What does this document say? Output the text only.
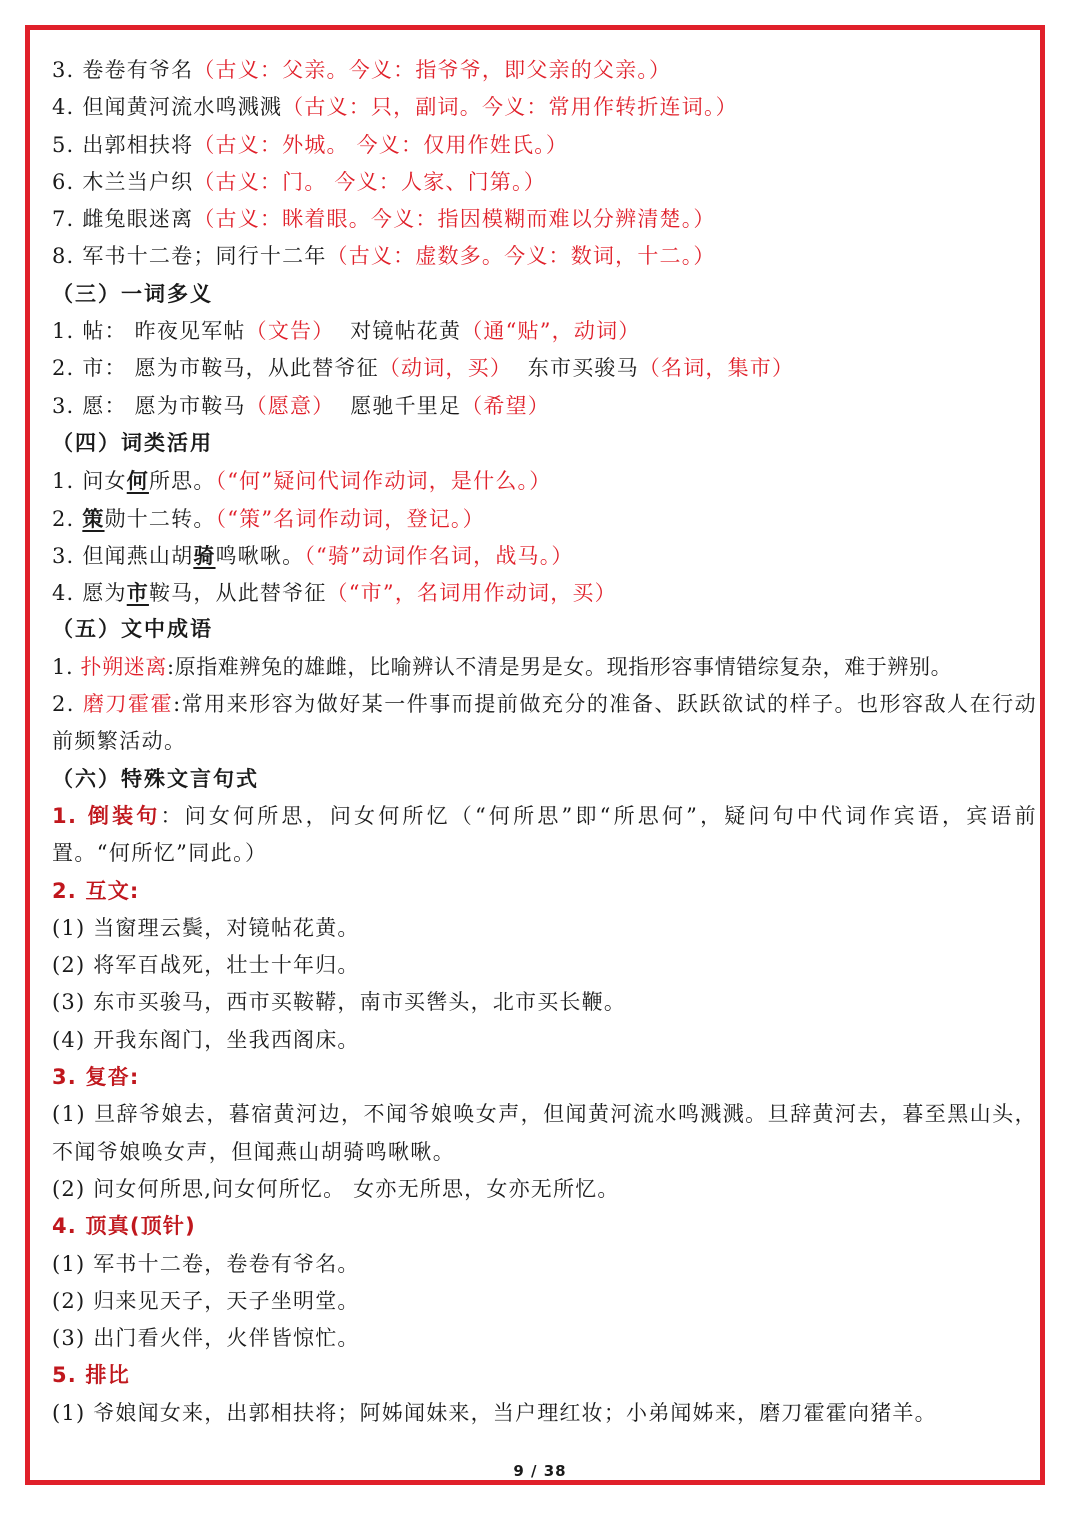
3. 卷卷有爷名（古义：父亲。今义：指爷爷，即父亲的父亲。）
4. 但闻黄河流水鸣溅溅（古义：只，副词。今义：常用作转折连词。）
5. 出郭相扶将（古义：外城。 今义：仅用作姓氏。）
6. 木兰当户织（古义：门。 今义：人家、门第。）
7. 雌兔眼迷离（古义：眯着眼。今义：指因模糊而难以分辨清楚。）
8. 军书十二卷；同行十二年（古义：虚数多。今义：数词，十二。）
（三）一词多义
1. 帖： 昨夜见军帖（文告） 对镜帖花黄（通“贴”，动词）
2. 市： 愿为市鞍马，从此替爷征（动词，买） 东市买骏马（名词，集市）
3. 愿： 愿为市鞍马（愿意） 愿驰千里足（希望）
（四）词类活用
1. 问女何所思。（“何”疑问代词作动词，是什么。）
2. 策勋十二转。（“策”名词作动词，登记。）
3. 但闻燕山胡骑鸣啾啾。（“骑”动词作名词，战马。）
4. 愿为市鞍马，从此替爷征（“市”，名词用作动词，买）
（五）文中成语
1. 扑朔迷离:原指难辨兔的雄雌，比喻辨认不清是男是女。现指形容事情错综复杂，难于辨别。
2. 磨刀霍霍:常用来形容为做好某一件事而提前做充分的准备、跃跃欲试的样子。也形容敌人在行动前频繁活动。
（六）特殊文言句式
1. 倒装句：问女何所思，问女何所忆（“何所思”即“所思何”，疑问句中代词作宾语，宾语前置。“何所忆”同此。）
2. 互文:
(1) 当窗理云鬓，对镜帖花黄。
(2) 将军百战死，壮士十年归。
(3) 东市买骏马，西市买鞍鞯，南市买辔头，北市买长鞭。
(4) 开我东阁门，坐我西阁床。
3. 复沓:
(1) 旦辞爷娘去，暮宿黄河边，不闻爷娘唤女声，但闻黄河流水鸣溅溅。旦辞黄河去，暮至黑山头，不闻爷娘唤女声，但闻燕山胡骑鸣啾啾。
(2) 问女何所思,问女何所忆。 女亦无所思，女亦无所忆。
4. 顶真(顶针)
(1) 军书十二卷，卷卷有爷名。
(2) 归来见天子，天子坐明堂。
(3) 出门看火伴，火伴皆惊忙。
5. 排比
(1) 爷娘闻女来，出郭相扶将；阿姊闻妹来，当户理红妆；小弟闻姊来，磨刀霍霍向猪羊。
9 / 38
